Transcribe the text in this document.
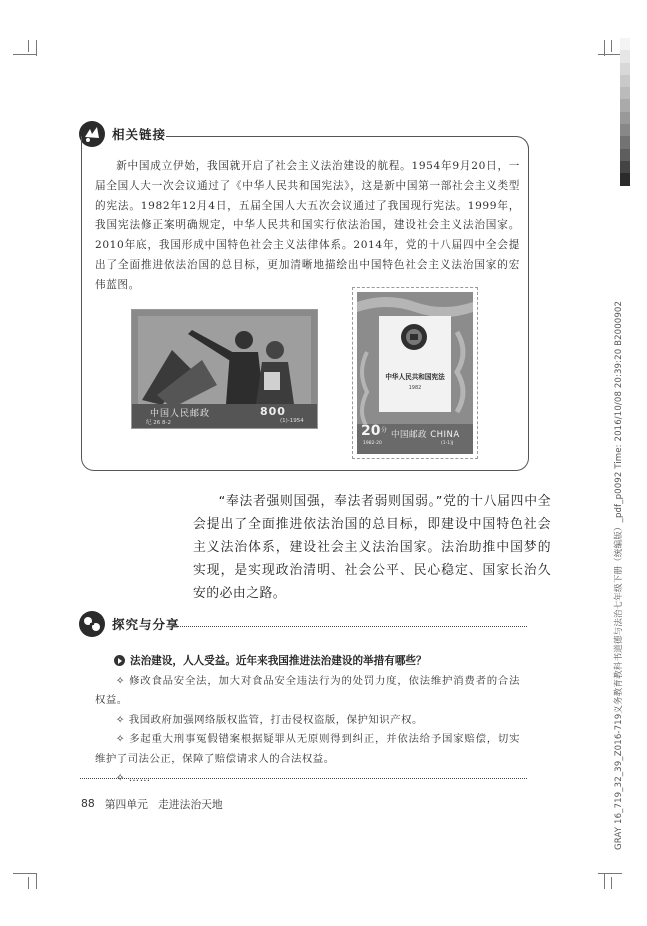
GRAY 16_719_32_39_Z016-719义务教育教科书道德与法治七年级下册（统编版）_pdf_p0092 Time: 2016/10/08 20:39:20 B2000902
相关链接
新中国成立伊始，我国就开启了社会主义法治建设的航程。1954年9月20日，一届全国人大一次会议通过了《中华人民共和国宪法》，这是新中国第一部社会主义类型的宪法。1982年12月4日，五届全国人大五次会议通过了我国现行宪法。1999年，我国宪法修正案明确规定，中华人民共和国实行依法治国，建设社会主义法治国家。2010年底，我国形成中国特色社会主义法律体系。2014年，党的十八届四中全会提出了全面推进依法治国的总目标，更加清晰地描绘出中国特色社会主义法治国家的宏伟蓝图。
中国人民邮政	800
纪 26 8-2	(1)-1954
中华人民共和国宪法
1982
20 分 中国邮政 CHINA
1982-20	(1-1)J
“奉法者强则国强，奉法者弱则国弱。”党的十八届四中全会提出了全面推进依法治国的总目标，即建设中国特色社会主义法治体系，建设社会主义法治国家。法治助推中国梦的实现，是实现政治清明、社会公平、民心稳定、国家长治久安的必由之路。
探究与分享
法治建设，人人受益。近年来我国推进法治建设的举措有哪些？
✧ 修改食品安全法，加大对食品安全违法行为的处罚力度，依法维护消费者的合法权益。
✧ 我国政府加强网络版权监管，打击侵权盗版，保护知识产权。
✧ 多起重大刑事冤假错案根据疑罪从无原则得到纠正，并依法给予国家赔偿，切实维护了司法公正，保障了赔偿请求人的合法权益。
✧ ……
88 第四单元 走进法治天地
